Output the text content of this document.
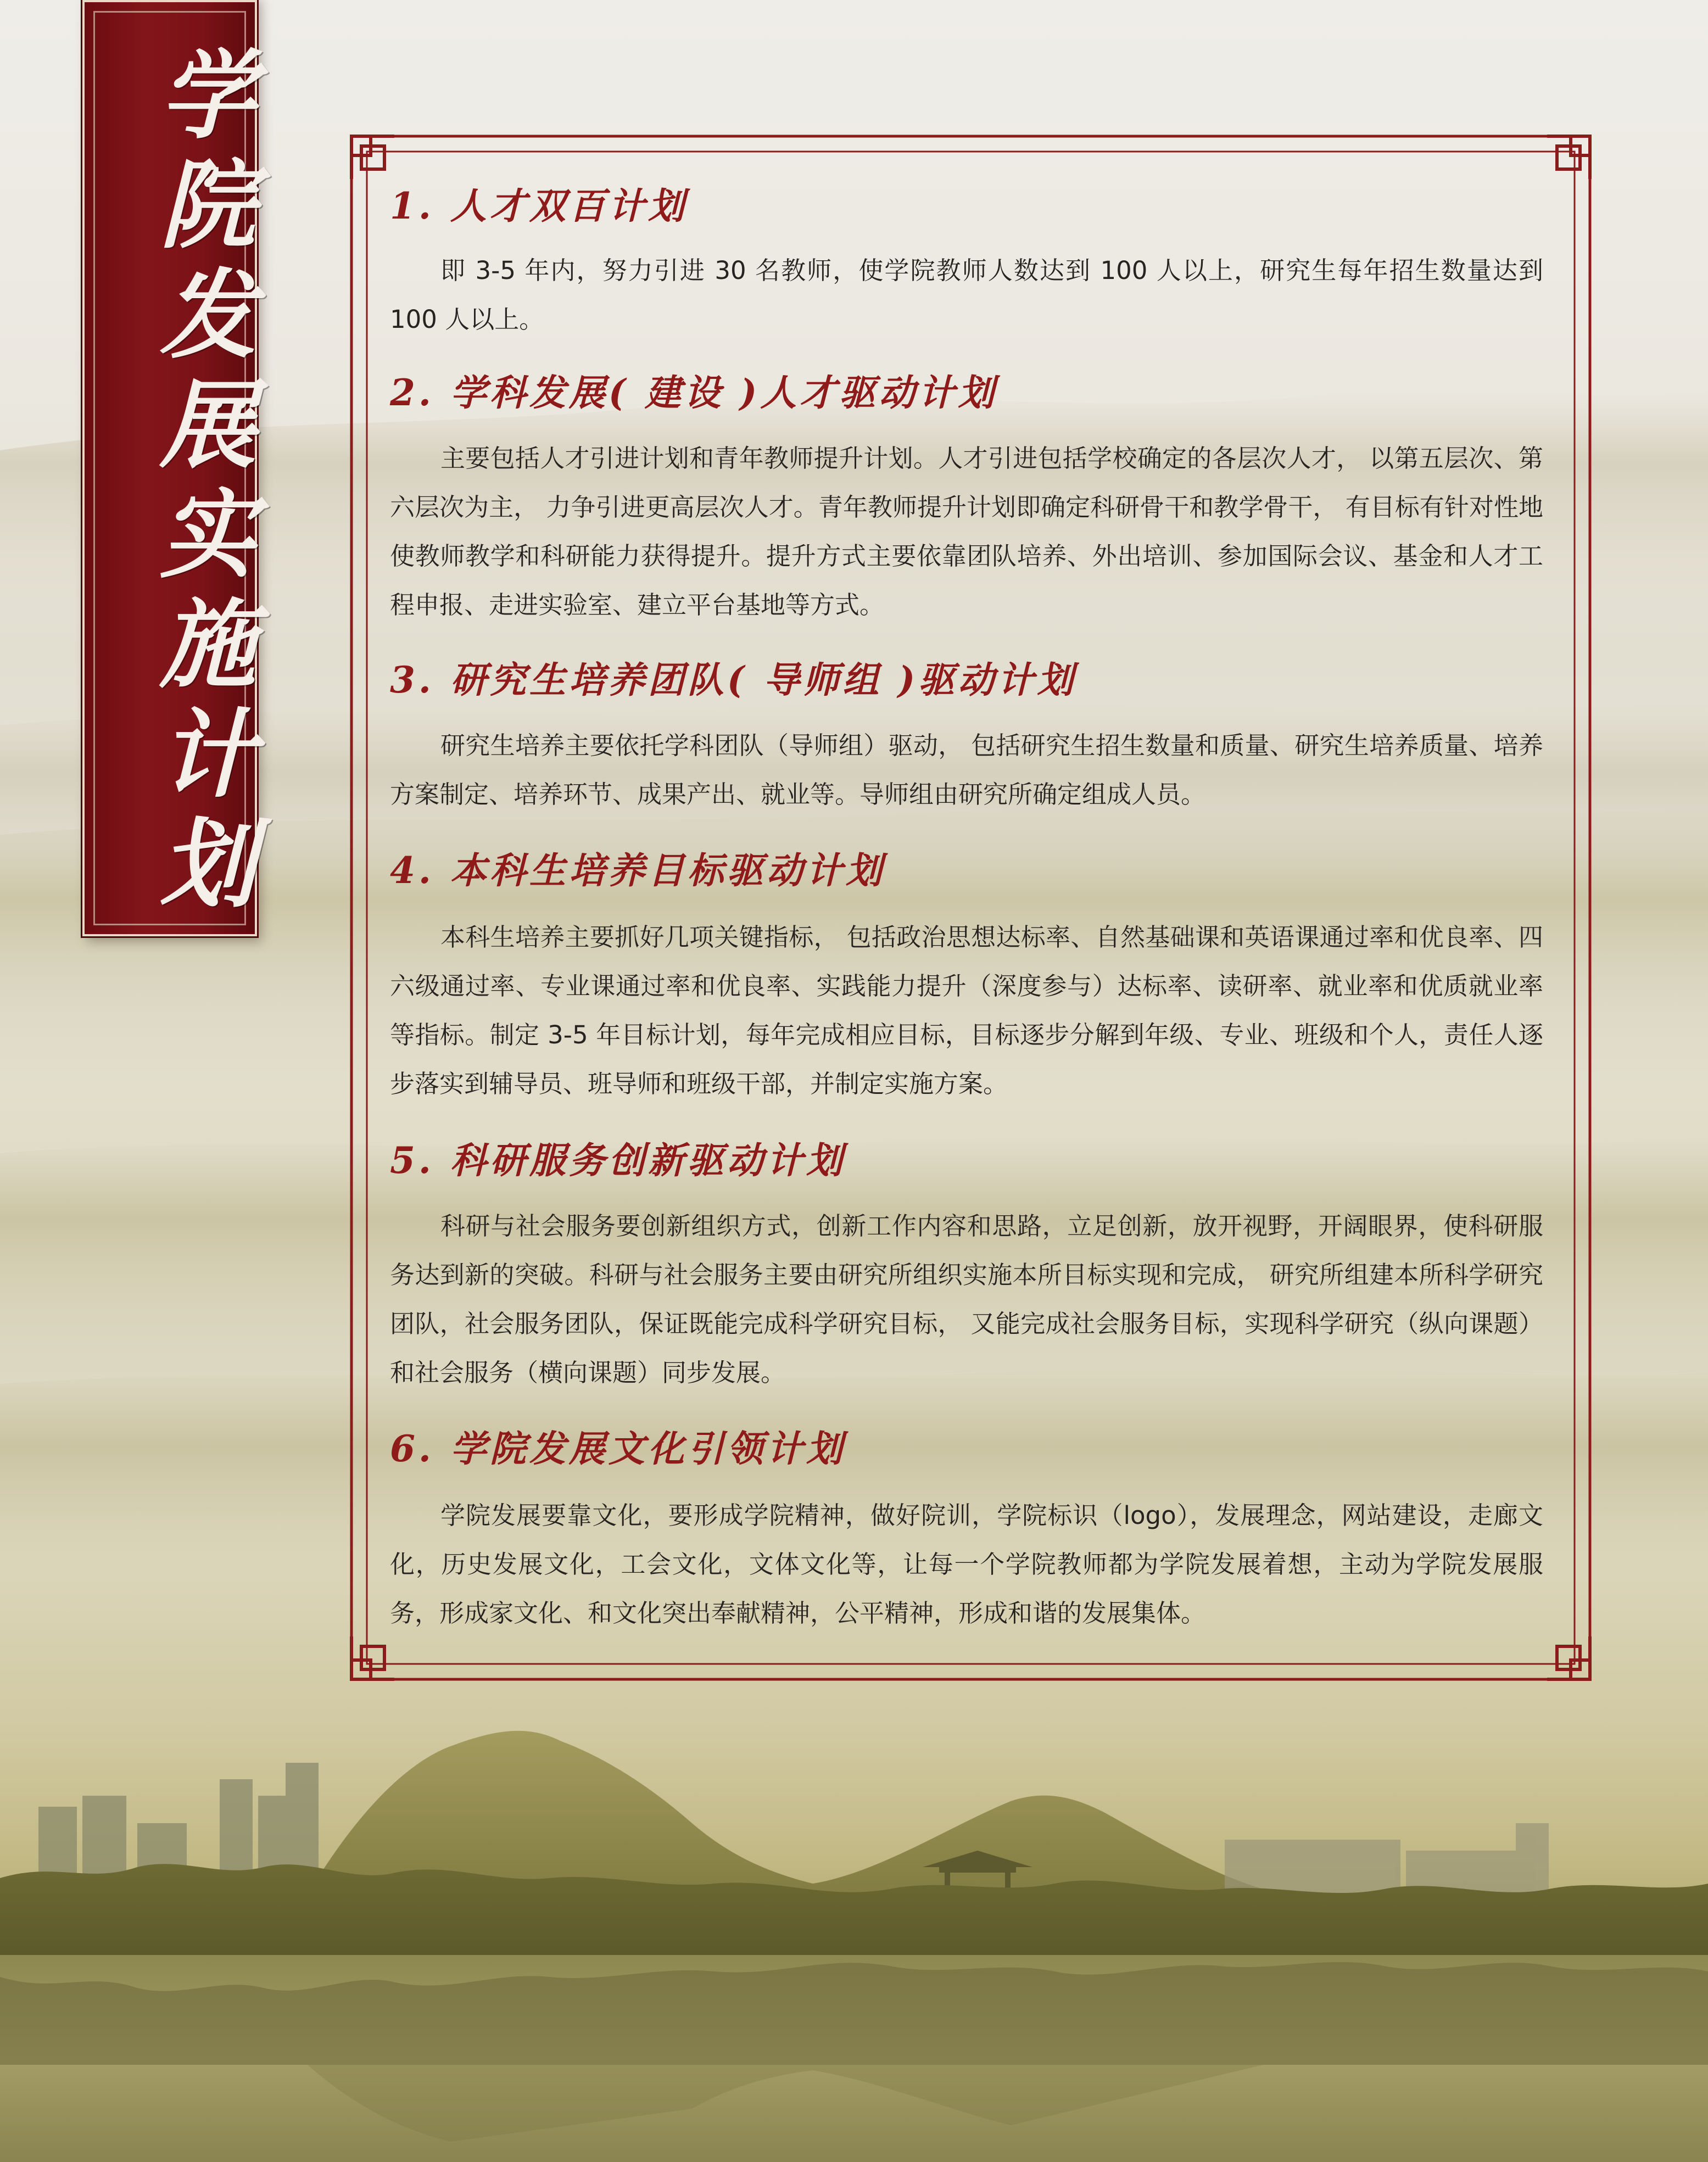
学
院
发
展
实
施
计
划
1. 人才双百计划

即 3-5 年内，努力引进 30 名教师，使学院教师人数达到 100 人以上，研究生每年招生数量达到 100 人以上。

2. 学科发展( 建设 )人才驱动计划

主要包括人才引进计划和青年教师提升计划。人才引进包括学校确定的各层次人才， 以第五层次、第六层次为主， 力争引进更高层次人才。青年教师提升计划即确定科研骨干和教学骨干， 有目标有针对性地使教师教学和科研能力获得提升。提升方式主要依靠团队培养、外出培训、参加国际会议、基金和人才工程申报、走进实验室、建立平台基地等方式。

3. 研究生培养团队( 导师组 )驱动计划

研究生培养主要依托学科团队（导师组）驱动， 包括研究生招生数量和质量、研究生培养质量、培养方案制定、培养环节、成果产出、就业等。导师组由研究所确定组成人员。

4. 本科生培养目标驱动计划

本科生培养主要抓好几项关键指标， 包括政治思想达标率、自然基础课和英语课通过率和优良率、四六级通过率、专业课通过率和优良率、实践能力提升（深度参与）达标率、读研率、就业率和优质就业率等指标。制定 3-5 年目标计划，每年完成相应目标，目标逐步分解到年级、专业、班级和个人，责任人逐步落实到辅导员、班导师和班级干部，并制定实施方案。

5. 科研服务创新驱动计划

科研与社会服务要创新组织方式，创新工作内容和思路，立足创新，放开视野，开阔眼界，使科研服务达到新的突破。科研与社会服务主要由研究所组织实施本所目标实现和完成， 研究所组建本所科学研究团队，社会服务团队，保证既能完成科学研究目标， 又能完成社会服务目标，实现科学研究（纵向课题）和社会服务（横向课题）同步发展。

6. 学院发展文化引领计划

学院发展要靠文化，要形成学院精神，做好院训，学院标识（logo），发展理念，网站建设，走廊文化，历史发展文化，工会文化，文体文化等，让每一个学院教师都为学院发展着想，主动为学院发展服务，形成家文化、和文化突出奉献精神，公平精神，形成和谐的发展集体。
